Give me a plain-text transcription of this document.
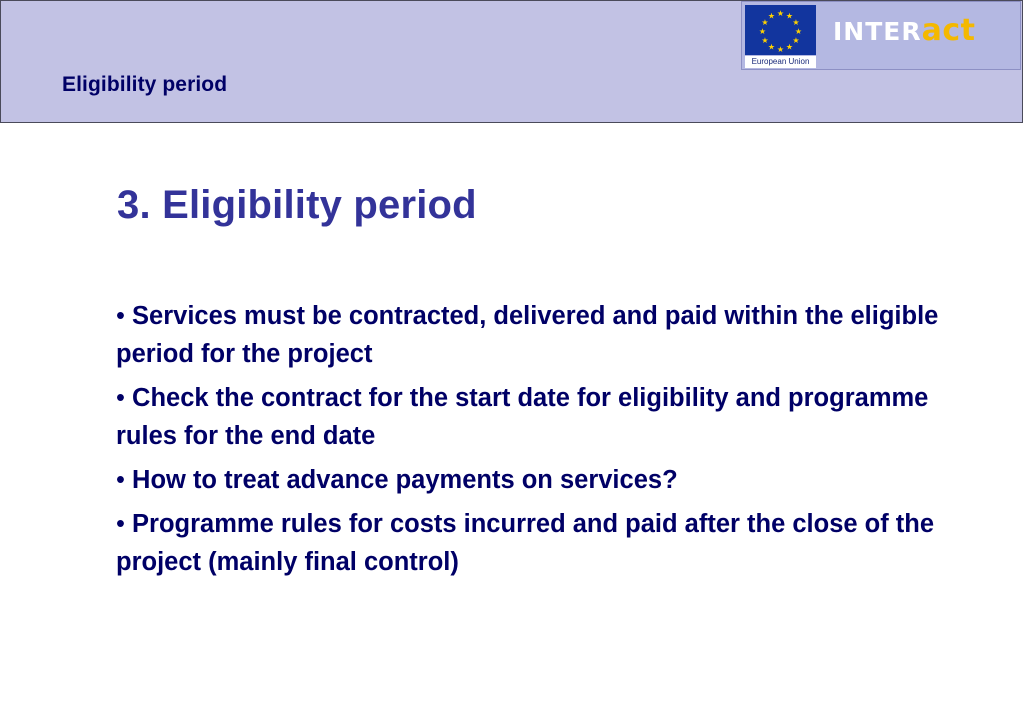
Eligibility period
★ ★
★
★
★
★
★
★
★
★
★
★
European Union
INTERact
3. Eligibility period
• Services must be contracted, delivered and paid within the eligible period for the project
• Check the contract for the start date for eligibility and programme rules for the end date
• How to treat advance payments on services?
• Programme rules for costs incurred and paid after the close of the project (mainly final control)
